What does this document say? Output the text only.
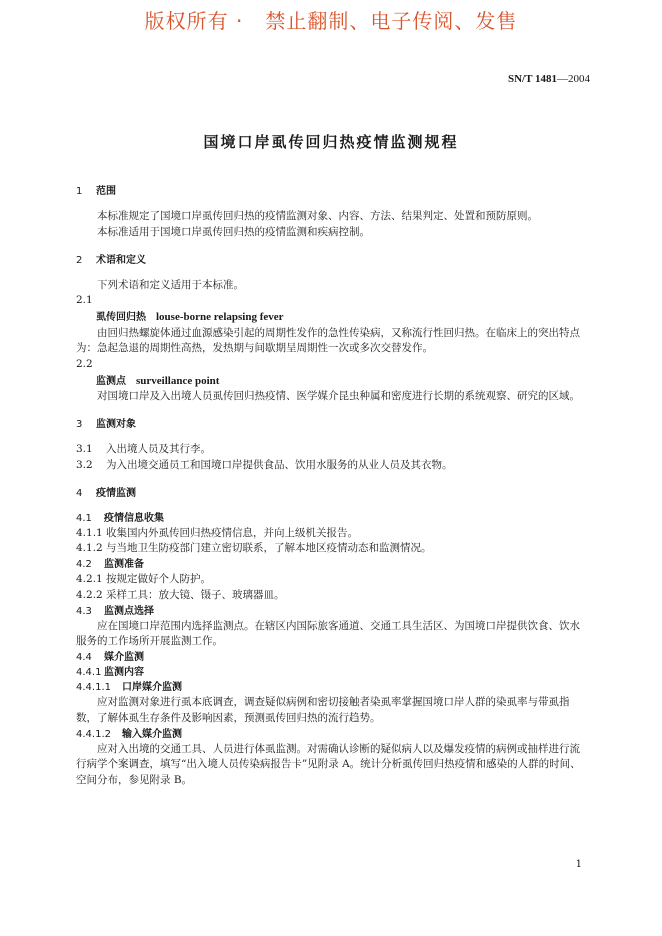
版权所有 ·   禁止翻制、电子传阅、发售
SN/T 1481—2004
国境口岸虱传回归热疫情监测规程

1 范围

本标准规定了国境口岸虱传回归热的疫情监测对象、内容、方法、结果判定、处置和预防原则。

本标准适用于国境口岸虱传回归热的疫情监测和疾病控制。

2 术语和定义

下列术语和定义适用于本标准。

2.1

虱传回归热 louse-borne relapsing fever

由回归热螺旋体通过血源感染引起的周期性发作的急性传染病，又称流行性回归热。在临床上的突出特点为：急起急退的周期性高热，发热期与间歇期呈周期性一次或多次交替发作。

2.2

监测点 surveillance point

对国境口岸及入出境人员虱传回归热疫情、医学媒介昆虫种属和密度进行长期的系统观察、研究的区域。

3 监测对象

3.1 入出境人员及其行李。

3.2 为入出境交通员工和国境口岸提供食品、饮用水服务的从业人员及其衣物。

4 疫情监测

4.1 疫情信息收集

4.1.1 收集国内外虱传回归热疫情信息，并向上级机关报告。

4.1.2 与当地卫生防疫部门建立密切联系，了解本地区疫情动态和监测情况。

4.2 监测准备

4.2.1 按规定做好个人防护。

4.2.2 采样工具：放大镜、镊子、玻璃器皿。

4.3 监测点选择

应在国境口岸范围内选择监测点。在辖区内国际旅客通道、交通工具生活区、为国境口岸提供饮食、饮水服务的工作场所开展监测工作。

4.4 媒介监测

4.4.1 监测内容

4.4.1.1 口岸媒介监测

应对监测对象进行虱本底调查，调查疑似病例和密切接触者染虱率掌握国境口岸人群的染虱率与带虱指数，了解体虱生存条件及影响因素，预测虱传回归热的流行趋势。

4.4.1.2 输入媒介监测

应对入出境的交通工具、人员进行体虱监测。对需确认诊断的疑似病人以及爆发疫情的病例或抽样进行流行病学个案调查，填写“出入境人员传染病报告卡”见附录 A。统计分析虱传回归热疫情和感染的人群的时间、空间分布，参见附录 B。

1
